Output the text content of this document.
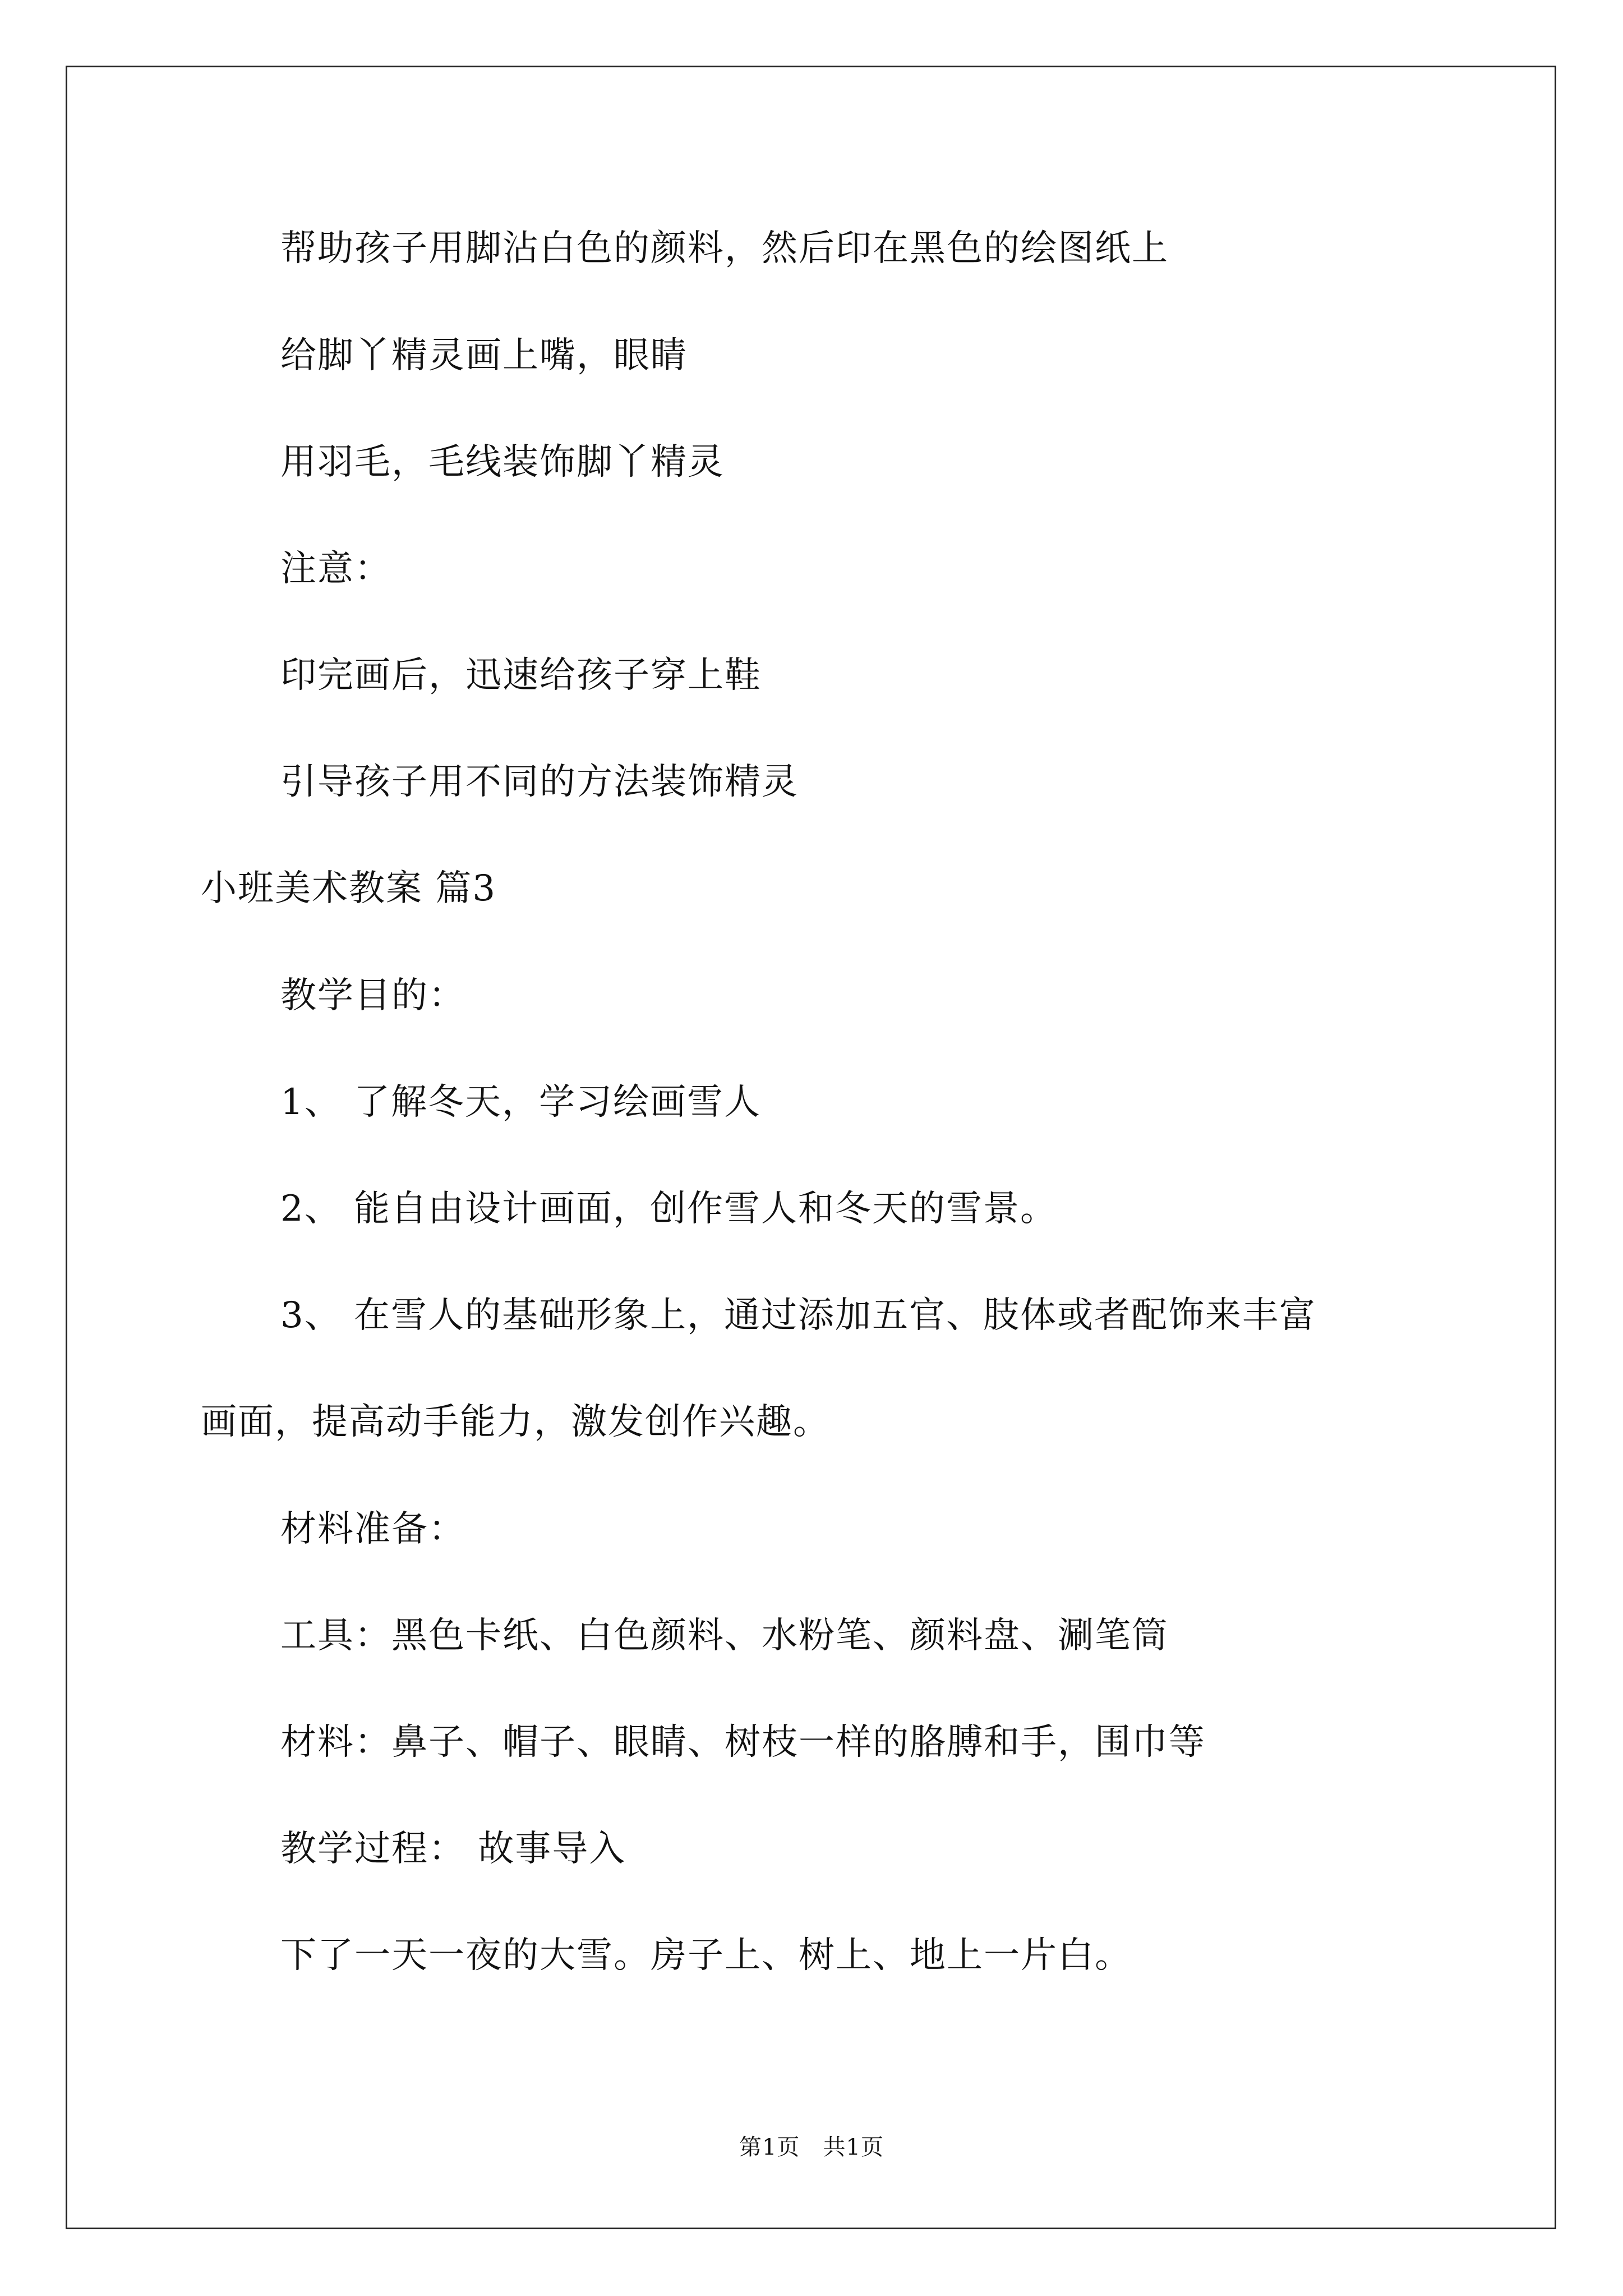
帮助孩子用脚沾白色的颜料，然后印在黑色的绘图纸上
给脚丫精灵画上嘴，眼睛
用羽毛，毛线装饰脚丫精灵
注意：
印完画后，迅速给孩子穿上鞋
引导孩子用不同的方法装饰精灵
小班美术教案 篇3
教学目的：
1、 了解冬天，学习绘画雪人
2、 能自由设计画面，创作雪人和冬天的雪景。
3、 在雪人的基础形象上，通过添加五官、肢体或者配饰来丰富
画面，提高动手能力，激发创作兴趣。
材料准备：
工具：黑色卡纸、白色颜料、水粉笔、颜料盘、涮笔筒
材料：鼻子、帽子、眼睛、树枝一样的胳膊和手，围巾等
教学过程： 故事导入
下了一天一夜的大雪。房子上、树上、地上一片白。
第1页   共1页
